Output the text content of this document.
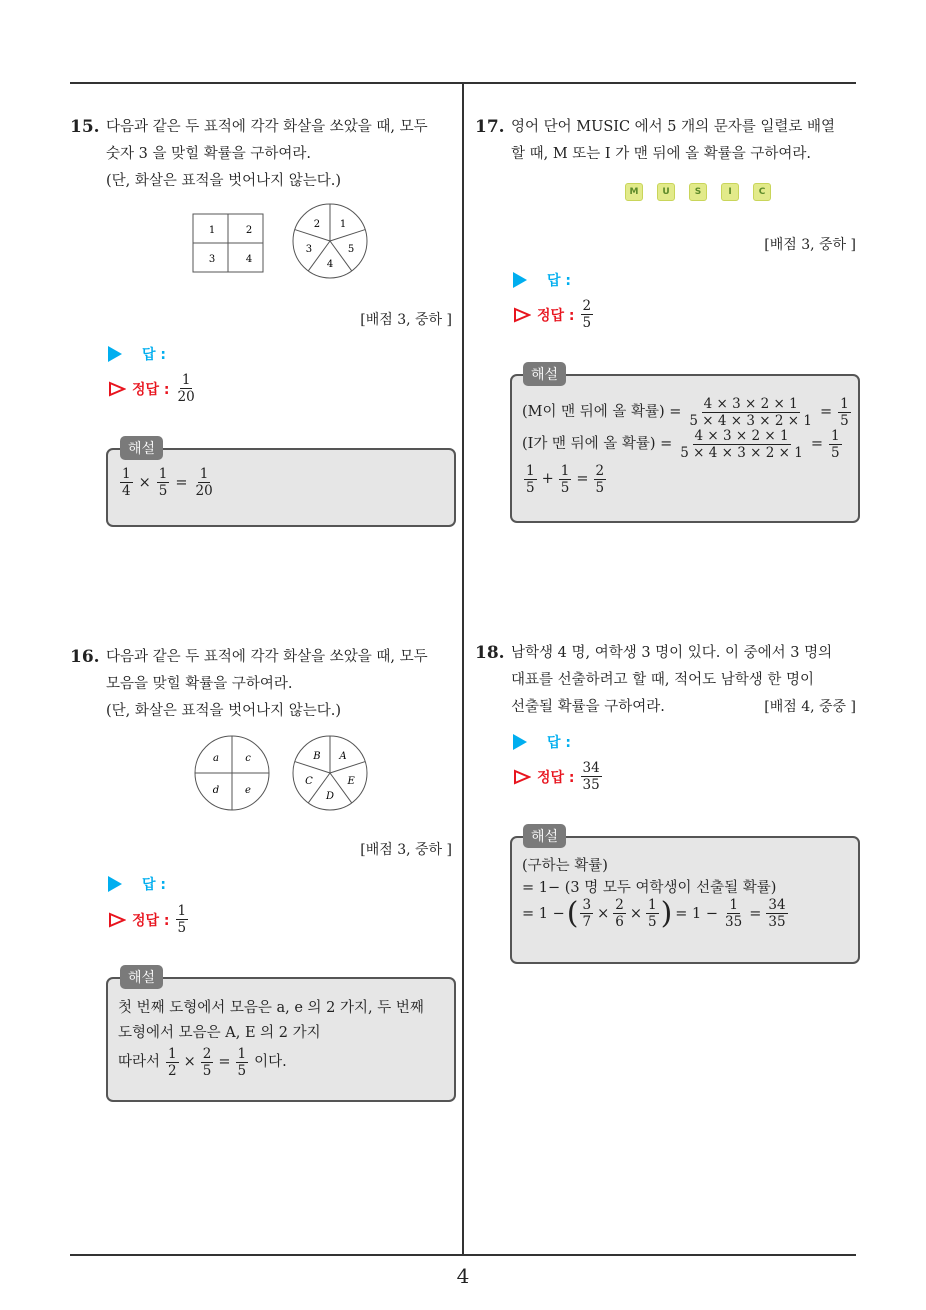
4
15. 다음과 같은 두 표적에 각각 화살을 쏘았을 때, 모두
숫자 3 을 맞힐 확률을 구하여라.
(단, 화살은 표적을 벗어나지 않는다.)
1	2
3	4
1
5
4
3
2
[배점 3, 중하 ]
답 :
정답 : $\frac{1}{20}$
해설
$\frac{1}{4} \times \frac{1}{5} = \frac{1}{20}$
16. 다음과 같은 두 표적에 각각 화살을 쏘았을 때, 모두
모음을 맞힐 확률을 구하여라.
(단, 화살은 표적을 벗어나지 않는다.)
a	c
d	e
A
E
D
C
B
[배점 3, 중하 ]
답 :
정답 : $\frac{1}{5}$
해설
첫 번째 도형에서 모음은 a, e 의 2 가지, 두 번째
도형에서 모음은 A, E 의 2 가지
따라서 $\frac{1}{2} \times \frac{2}{5} = \frac{1}{5}$ 이다.
17. 영어 단어 MUSIC 에서 5 개의 문자를 일렬로 배열
할 때, M 또는 I 가 맨 뒤에 올 확률을 구하여라.
M	U	S	I	C
[배점 3, 중하 ]
답 :
정답 : $\frac{2}{5}$
해설
(M이 맨 뒤에 올 확률) = $\frac{4 \times 3 \times 2 \times 1}{5 \times 4 \times 3 \times 2 \times 1} = \frac{1}{5}$
(I가 맨 뒤에 올 확률) = $\frac{4 \times 3 \times 2 \times 1}{5 \times 4 \times 3 \times 2 \times 1} = \frac{1}{5}$
$\frac{1}{5} + \frac{1}{5} = \frac{2}{5}$
18. 남학생 4 명, 여학생 3 명이 있다. 이 중에서 3 명의
대표를 선출하려고 할 때, 적어도 남학생 한 명이
선출될 확률을 구하여라.	[배점 4, 중중 ]
답 :
정답 : $\frac{34}{35}$
해설
(구하는 확률)
= 1− (3 명 모두 여학생이 선출될 확률)
= 1 − ( $\frac{3}{7} \times \frac{2}{6} \times \frac{1}{5}$ ) = $1 - \frac{1}{35} = \frac{34}{35}$
